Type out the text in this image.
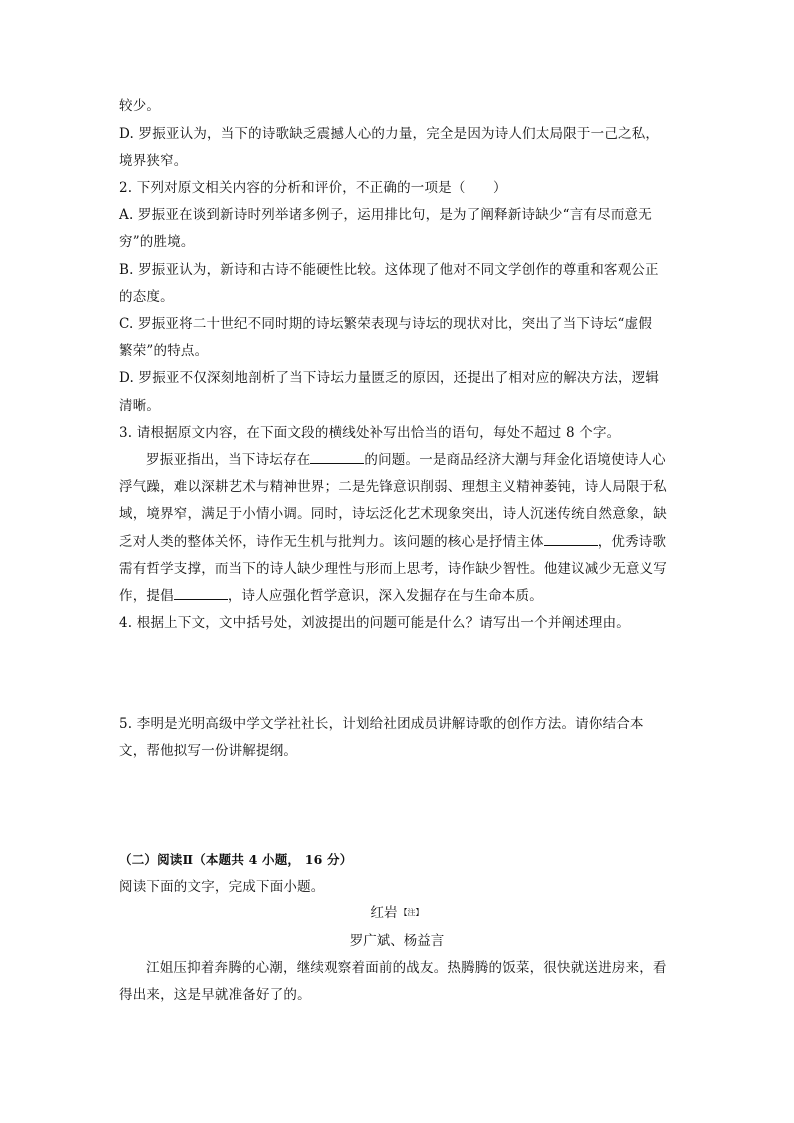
较少。
D. 罗振亚认为，当下的诗歌缺乏震撼人心的力量，完全是因为诗人们太局限于一己之私，
境界狭窄。
2. 下列对原文相关内容的分析和评价，不正确的一项是（　　）
A. 罗振亚在谈到新诗时列举诸多例子，运用排比句，是为了阐释新诗缺少“言有尽而意无
穷”的胜境。
B. 罗振亚认为，新诗和古诗不能硬性比较。这体现了他对不同文学创作的尊重和客观公正
的态度。
C. 罗振亚将二十世纪不同时期的诗坛繁荣表现与诗坛的现状对比，突出了当下诗坛“虚假
繁荣”的特点。
D. 罗振亚不仅深刻地剖析了当下诗坛力量匮乏的原因，还提出了相对应的解决方法，逻辑
清晰。
3. 请根据原文内容，在下面文段的横线处补写出恰当的语句，每处不超过 8 个字。
罗振亚指出，当下诗坛存在	的问题。一是商品经济大潮与拜金化语境使诗人心
浮气躁，难以深耕艺术与精神世界；二是先锋意识削弱、理想主义精神萎钝，诗人局限于私
域，境界窄，满足于小情小调。同时，诗坛泛化艺术现象突出，诗人沉迷传统自然意象，缺
乏对人类的整体关怀，诗作无生机与批判力。该问题的核心是抒情主体	，优秀诗歌
需有哲学支撑，而当下的诗人缺少理性与形而上思考，诗作缺少智性。他建议减少无意义写
作，提倡	，诗人应强化哲学意识，深入发掘存在与生命本质。
4. 根据上下文，文中括号处，刘波提出的问题可能是什么？请写出一个并阐述理由。
5. 李明是光明高级中学文学社社长，计划给社团成员讲解诗歌的创作方法。请你结合本
文，帮他拟写一份讲解提纲。
（二）阅读Ⅱ（本题共 4 小题， 16 分）
阅读下面的文字，完成下面小题。
红岩 $^{【注】}$
罗广斌、杨益言
江姐压抑着奔腾的心潮，继续观察着面前的战友。热腾腾的饭菜，很快就送进房来，看
得出来，这是早就准备好了的。
